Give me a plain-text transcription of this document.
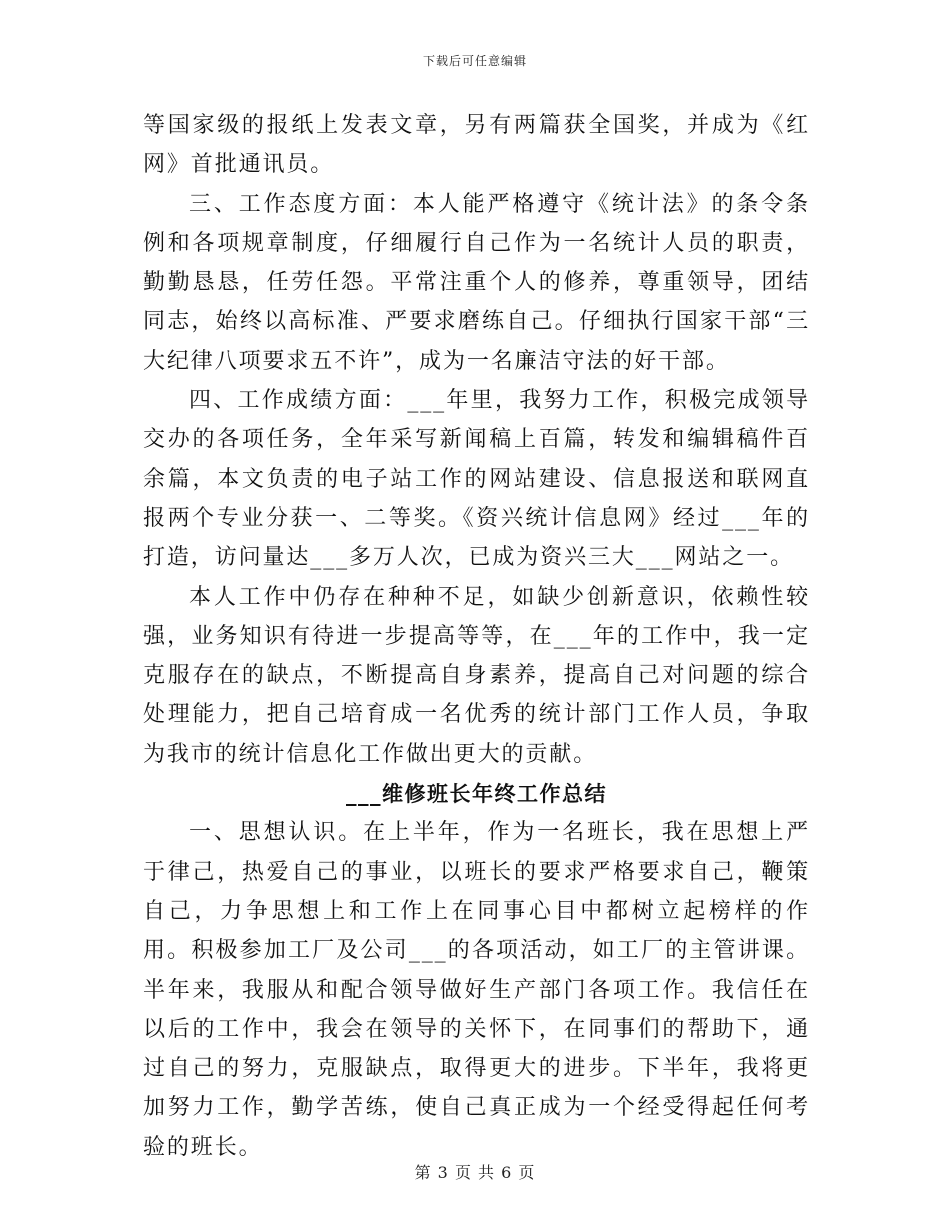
下载后可任意编辑

等国家级的报纸上发表文章，另有两篇获全国奖，并成为《红网》首批通讯员。

三、工作态度方面：本人能严格遵守《统计法》的条令条例和各项规章制度，仔细履行自己作为一名统计人员的职责，勤勤恳恳，任劳任怨。平常注重个人的修养，尊重领导，团结同志，始终以高标准、严要求磨练自己。仔细执行国家干部“三大纪律八项要求五不许”，成为一名廉洁守法的好干部。

四、工作成绩方面：___年里，我努力工作，积极完成领导交办的各项任务，全年采写新闻稿上百篇，转发和编辑稿件百余篇，本文负责的电子站工作的网站建设、信息报送和联网直报两个专业分获一、二等奖。《资兴统计信息网》经过___年的打造，访问量达___多万人次，已成为资兴三大___网站之一。

本人工作中仍存在种种不足，如缺少创新意识，依赖性较强，业务知识有待进一步提高等等，在___年的工作中，我一定克服存在的缺点，不断提高自身素养，提高自己对问题的综合处理能力，把自己培育成一名优秀的统计部门工作人员，争取为我市的统计信息化工作做出更大的贡献。

___维修班长年终工作总结

一、思想认识。在上半年，作为一名班长，我在思想上严于律己，热爱自己的事业，以班长的要求严格要求自己，鞭策自己，力争思想上和工作上在同事心目中都树立起榜样的作用。积极参加工厂及公司___的各项活动，如工厂的主管讲课。半年来，我服从和配合领导做好生产部门各项工作。我信任在以后的工作中，我会在领导的关怀下，在同事们的帮助下，通过自己的努力，克服缺点，取得更大的进步。下半年，我将更加努力工作，勤学苦练，使自己真正成为一个经受得起任何考验的班长。

第 3 页 共 6 页
